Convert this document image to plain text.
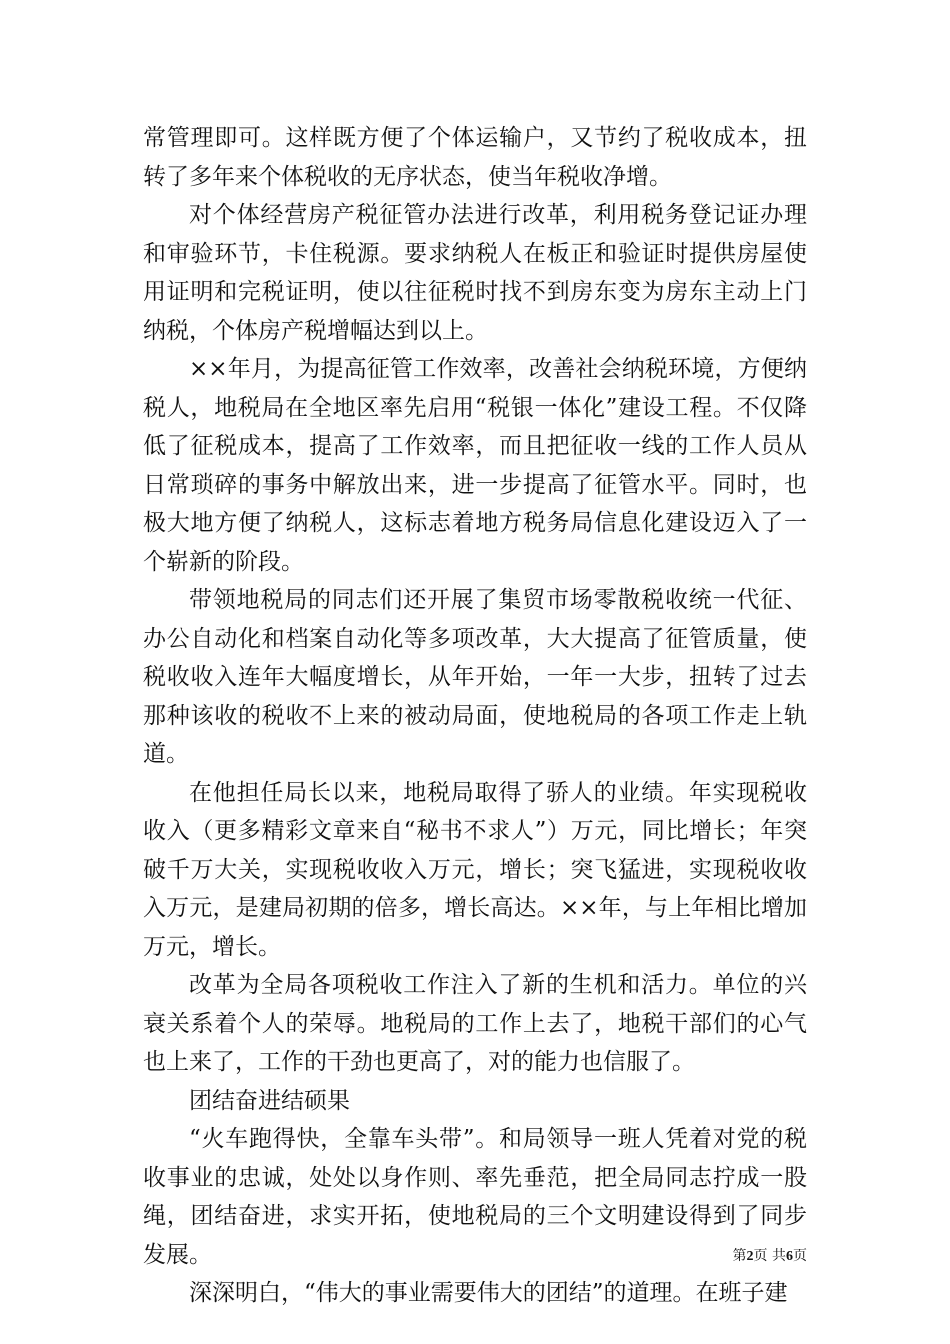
常管理即可。这样既方便了个体运输户，又节约了税收成本，扭转了多年来个体税收的无序状态，使当年税收净增。

对个体经营房产税征管办法进行改革，利用税务登记证办理和审验环节，卡住税源。要求纳税人在板正和验证时提供房屋使用证明和完税证明，使以往征税时找不到房东变为房东主动上门纳税，个体房产税增幅达到以上。

××年月，为提高征管工作效率，改善社会纳税环境，方便纳税人，地税局在全地区率先启用“税银一体化”建设工程。不仅降低了征税成本，提高了工作效率，而且把征收一线的工作人员从日常琐碎的事务中解放出来，进一步提高了征管水平。同时，也极大地方便了纳税人，这标志着地方税务局信息化建设迈入了一个崭新的阶段。

带领地税局的同志们还开展了集贸市场零散税收统一代征、办公自动化和档案自动化等多项改革，大大提高了征管质量，使税收收入连年大幅度增长，从年开始，一年一大步，扭转了过去那种该收的税收不上来的被动局面，使地税局的各项工作走上轨道。

在他担任局长以来，地税局取得了骄人的业绩。年实现税收收入（更多精彩文章来自“秘书不求人”）万元，同比增长；年突破千万大关，实现税收收入万元，增长；突飞猛进，实现税收收入万元，是建局初期的倍多，增长高达。××年，与上年相比增加万元，增长。

改革为全局各项税收工作注入了新的生机和活力。单位的兴衰关系着个人的荣辱。地税局的工作上去了，地税干部们的心气也上来了，工作的干劲也更高了，对的能力也信服了。

团结奋进结硕果

“火车跑得快，全靠车头带”。和局领导一班人凭着对党的税收事业的忠诚，处处以身作则、率先垂范，把全局同志拧成一股绳，团结奋进，求实开拓，使地税局的三个文明建设得到了同步发展。

深深明白，“伟大的事业需要伟大的团结”的道理。在班子建

第2页 共6页
